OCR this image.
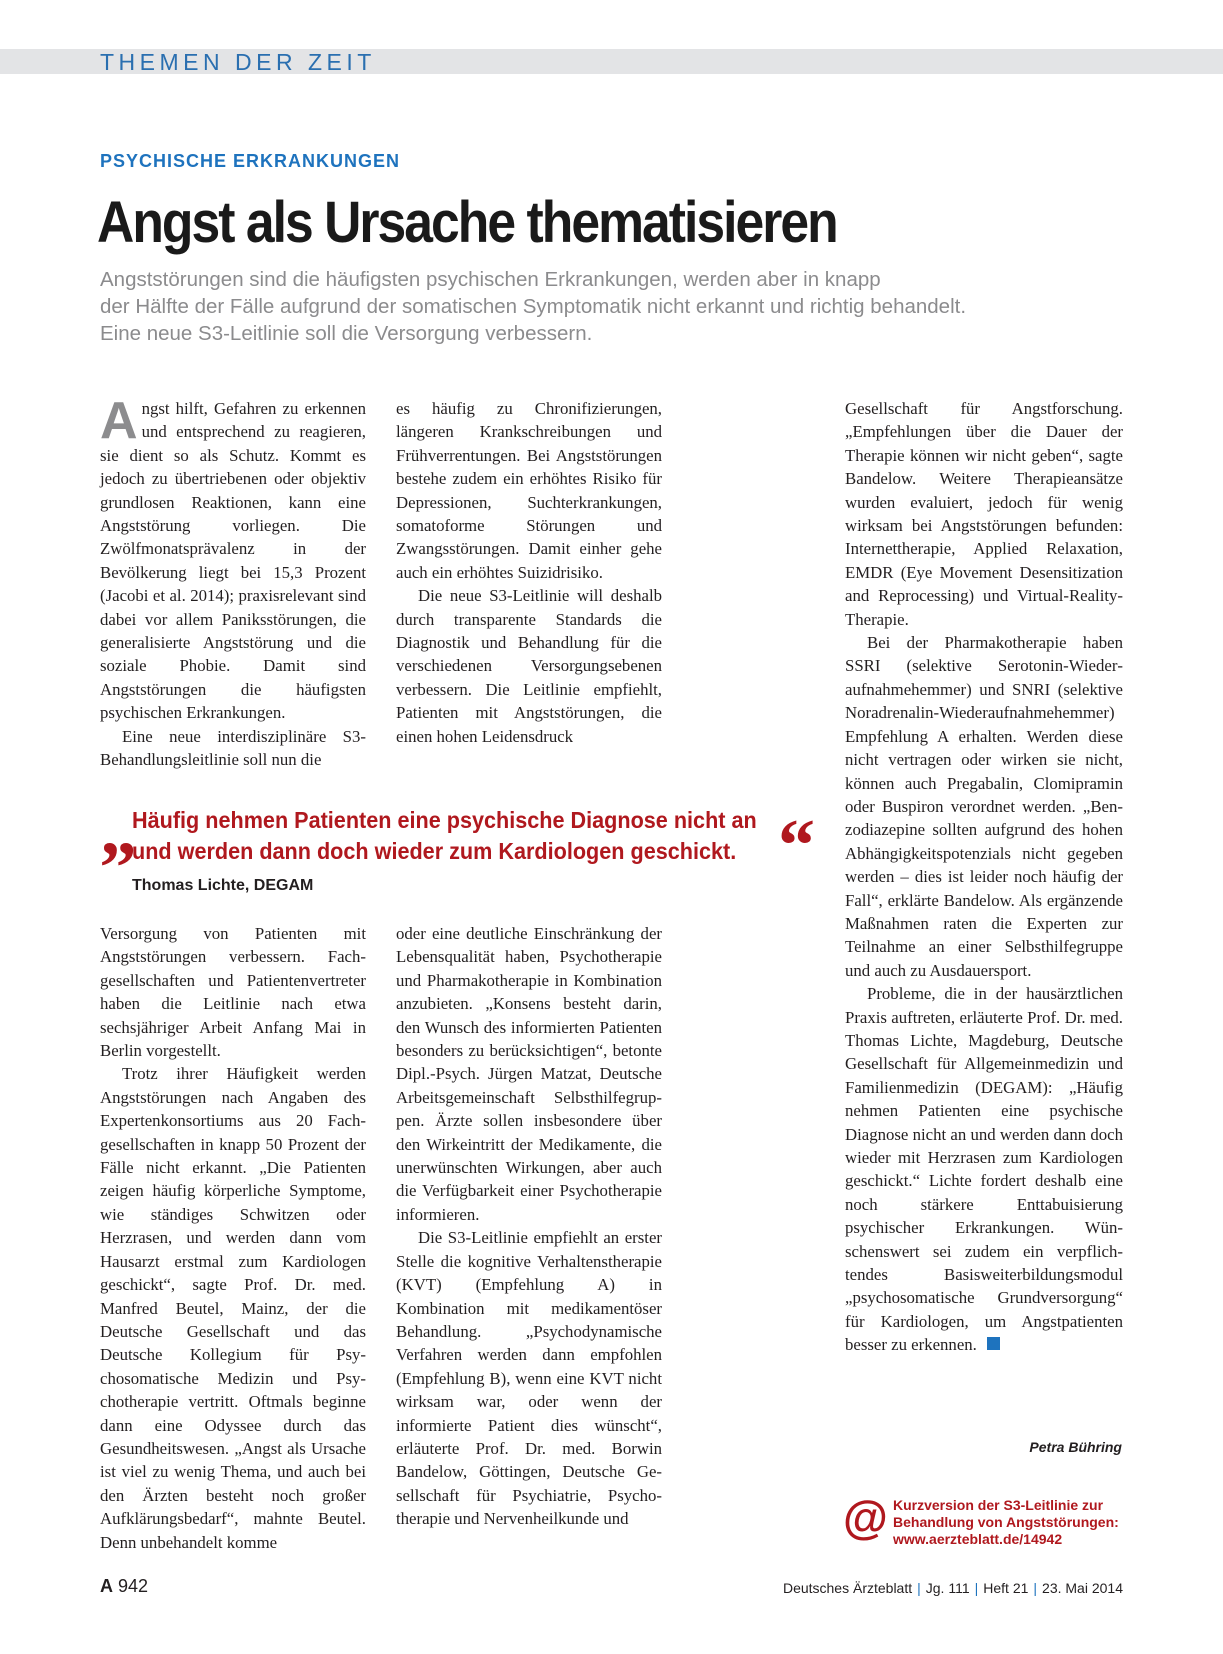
THEMEN DER ZEIT
PSYCHISCHE ERKRANKUNGEN
Angst als Ursache thematisieren
Angststörungen sind die häufigsten psychischen Erkrankungen, werden aber in knapp
der Hälfte der Fälle aufgrund der somatischen Symptomatik nicht erkannt und richtig behandelt.
Eine neue S3-Leitlinie soll die Versorgung verbessern.

Angst hilft, Gefahren zu erkennen und entsprechend zu reagieren, sie dient so als Schutz. Kommt es jedoch zu übertriebenen oder objektiv grundlosen Reaktionen, kann eine Angststörung vorliegen. Die Zwölfmonatsprävalenz in der Bevölkerung liegt bei 15,3 Prozent (Jacobi et al. 2014); praxisrelevant sind dabei vor allem Paniksstörungen, die generalisierte Angststörung und die soziale Phobie. Damit sind Angststörungen die häufigsten psychischen Erkrankungen.

Eine neue interdisziplinäre S3-Behandlungsleitlinie soll nun die

es häufig zu Chronifizierungen, längeren Krankschreibungen und Frühverrentungen. Bei Angststörungen bestehe zudem ein erhöhtes Risiko für Depressionen, Suchterkrankungen, somatoforme Störungen und Zwangsstörungen. Damit einher gehe auch ein erhöhtes Suizidrisiko.

Die neue S3-Leitlinie will deshalb durch transparente Standards die Diagnostik und Behandlung für die verschiedenen Versorgungsebenen verbessern. Die Leitlinie empfiehlt, Patienten mit Angststörungen, die einen hohen Leidensdruck

„
Häufig nehmen Patienten eine psychische Diagnose nicht an
und werden dann doch wieder zum Kardiologen geschickt. “
Thomas Lichte, DEGAM

Versorgung von Patienten mit Angststörungen verbessern. Fachgesellschaften und Patientenvertreter haben die Leitlinie nach etwa sechsjähriger Arbeit Anfang Mai in Berlin vorgestellt.

Trotz ihrer Häufigkeit werden Angststörungen nach Angaben des Expertenkonsortiums aus 20 Fachgesellschaften in knapp 50 Prozent der Fälle nicht erkannt. „Die Patienten zeigen häufig körperliche Symptome, wie ständiges Schwitzen oder Herzrasen, und werden dann vom Hausarzt erstmal zum Kardiologen geschickt“, sagte Prof. Dr. med. Manfred Beutel, Mainz, der die Deutsche Gesellschaft und das Deutsche Kollegium für Psychosomatische Medizin und Psychotherapie vertritt. Oftmals beginne dann eine Odyssee durch das Gesundheitswesen. „Angst als Ursache ist viel zu wenig Thema, und auch bei den Ärzten besteht noch großer Aufklärungsbedarf“, mahnte Beutel. Denn unbehandelt komme

oder eine deutliche Einschränkung der Lebensqualität haben, Psychotherapie und Pharmakotherapie in Kombination anzubieten. „Konsens besteht darin, den Wunsch des informierten Patienten besonders zu berücksichtigen“, betonte Dipl.-Psych. Jürgen Matzat, Deutsche Arbeitsgemeinschaft Selbsthilfegruppen. Ärzte sollen insbesondere über den Wirkeintritt der Medikamente, die unerwünschten Wirkungen, aber auch die Verfügbarkeit einer Psychotherapie informieren.

Die S3-Leitlinie empfiehlt an erster Stelle die kognitive Verhaltenstherapie (KVT) (Empfehlung A) in Kombination mit medikamentöser Behandlung. „Psychodynamische Verfahren werden dann empfohlen (Empfehlung B), wenn eine KVT nicht wirksam war, oder wenn der informierte Patient dies wünscht“, erläuterte Prof. Dr. med. Borwin Bandelow, Göttingen, Deutsche Gesellschaft für Psychiatrie, Psychotherapie und Nervenheilkunde und

Gesellschaft für Angstforschung. „Empfehlungen über die Dauer der Therapie können wir nicht geben“, sagte Bandelow. Weitere Therapieansätze wurden evaluiert, jedoch für wenig wirksam bei Angststörungen befunden: Internettherapie, Applied Relaxation, EMDR (Eye Movement Desensitization and Reprocessing) und Virtual-Reality-Therapie.

Bei der Pharmakotherapie haben SSRI (selektive Serotonin-Wiederaufnahmehemmer) und SNRI (selektive Noradrenalin-Wiederaufnahmehemmer) Empfehlung A erhalten. Werden diese nicht vertragen oder wirken sie nicht, können auch Pregabalin, Clomipramin oder Buspiron verordnet werden. „Benzodiazepine sollten aufgrund des hohen Abhängigkeitspotenzials nicht gegeben werden – dies ist leider noch häufig der Fall“, erklärte Bandelow. Als ergänzende Maßnahmen raten die Experten zur Teilnahme an einer Selbsthilfegruppe und auch zu Ausdauersport.

Probleme, die in der hausärztlichen Praxis auftreten, erläuterte Prof. Dr. med. Thomas Lichte, Magdeburg, Deutsche Gesellschaft für Allgemeinmedizin und Familienmedizin (DEGAM): „Häufig nehmen Patienten eine psychische Diagnose nicht an und werden dann doch wieder mit Herzrasen zum Kardiologen geschickt.“ Lichte fordert deshalb eine noch stärkere Enttabuisierung psychischer Erkrankungen. Wünschenswert sei zudem ein verpflichtendes Basisweiterbildungsmodul „psychosomatische Grundversorgung“ für Kardiologen, um Angstpatienten besser zu erkennen.

Petra Bühring
@ Kurzversion der S3-Leitlinie zur
Behandlung von Angststörungen:
www.aerzteblatt.de/14942
A 942	Deutsches Ärzteblatt | Jg. 111 | Heft 21 | 23. Mai 2014
